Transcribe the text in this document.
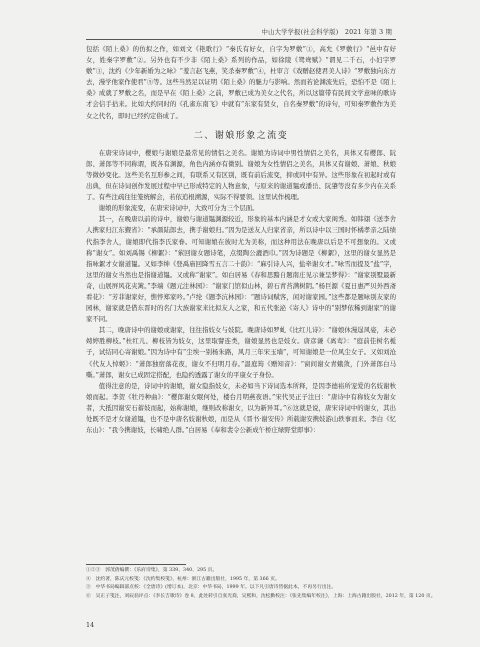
中山大学学报(社会科学版)　2021 年第 3 期

包括《陌上桑》的仿拟之作，如刘文《艳歌行》“秦氏有好女，自字为罗敷”①，高允《罗敷行》“邑中有好女，姓秦字罗敷”②。另外也有不少非《陌上桑》系列的作品，如徐陵《鸳鸯赋》“谓见二千石，小妇字罗敷”③，沈约《少年新婚为之咏》“羞言赵飞燕，笑杀秦罗敷”④，杜审言《戏赠赵使君美人诗》“罗敷独向东方去，漫学他家作使君”⑤等。这些当然足以证明《陌上桑》的魅力与影响。然而若论渊流先后，恐怕不是《陌上桑》成就了罗敷之名，而是早在《陌上桑》之前，罗敷已成为美女之代名，所以这篇带有民间文学意味的歌诗才会信手拈来。比如大约同时的《孔雀东南飞》中就有“东家有贤女，自名秦罗敷”的诗句，可知秦罗敷作为美女之代名，即时已经约定俗成了。

二、谢娘形象之流变

在唐宋诗词中，樱娘与谢娘是最常见的情侣之美名。谢娘为诗词中男性情侣之美名，具体又有樱郎、阮郎、萧郎等不同称谓，既各有渊源，角色内涵亦有微别。谢娘为女性情侣之美名，具体又有谢娘、萧娘、秋娘等微妙变化。这些美名互形参之间，有联系又有区别，既有前后流变，抑或同中有异。这些形象在初起时或有出典，但在诗词创作发展过程中早已形成特定的人物意象，与原来的谢道韫或潘岳、阮肇等没有多少内在关系了。有些注疏往往笼统解会，若依追根溯源，实际不得要领。这里试作梳理。

谢娘的形象流变，在唐宋诗词中，大致可分为三个层面。

其一，在晚唐以前的诗中，谢娘与谢道韫渊源较近，形象的基本内涵是才女或大家闺秀。如韩翃《送李舍人携家归江东觐省》：“承颜陆郎去，携手谢娘归。”因为是送友人归家省亲，所以诗中以三国时怀橘孝亲之陆绩代指李舍人，谢娘即代指李氏家眷。可知谢娘在彼时尤为美称，而这种用法在晚唐以后是不可想象的。又或称“谢女”。如刘禹锡《柳絮》：“萦回谢女题诗笔，点缀陶公漉酒巾。”因为诗题是《柳絮》，这里的谢女显然是指咏絮才女谢道韫。又如李绅《登禹庙回降雪五言二十韵》：“麻引诗人兴，盐牵谢女才。”咏雪而提及“盐”字，这里的谢女当然也是指谢道韫。又或称“谢家”。如白居易《春和思黯自题南庄见示兼呈梦得》：“谢家别墅最新奇，山展屏风花夹篱。”李端《题元注林园》：“谢家门馆似山林，碧石青苔满树阴。”杨巨源《夏日惠严贝外西斋看花》：“芳菲谢家好，憔悴郑家吟。”卢纶《题李沆林园》：“题诗词赋客，闲对谢家园。”这些都是题咏别友家的园林，谢家就是借东晋时的名门大族谢家来比拟友人之家，和五代张泌《寄人》诗中的“别梦依稀到谢家”的谢家不同。

其二，晚唐诗中的谢娘或谢家，往往指妓女与妓院。晚唐诗如罗虬《比红儿诗》：“谢娘休漫逞风姿，未必娉婷胜柳枝。”杜红儿、柳枝皆为妓女，这里取譬连类，谢娘显然也是妓女。唐彦谦《离鸾》：“庭前佳树名栀子，试结同心寄谢娘。”因为诗中有“尘埃一别杨朱路，风月三年宋玉墙”，可知谢娘是一位风尘女子。又如刘沧《代友人悼姬》：“萧郎独宿落花夜，谢女不归明月春。”温庭筠《赠知音》：“窗间谢女青蛾敛，门外萧郎白马嘶。”萧郎，谢女已成固定搭配，也隐约透露了谢女的平康女子身份。

值得注意的是，诗词中的谢娘，谢女隐指妓女，未必如当下诗词选本所释，是因李德裕所宠爱的名妓谢秋娘而起。李贺《牡丹种曲》：“樱郎谢女眠何处，楼台月明燕夜语。”宋代吴正子注曰：“唐诗中有称妓女为谢女者，大抵因谢安石蓄妓而起，始称谢娘，继则改称谢女，以为新异耳。”⑥这就是说，唐宋诗词中的谢女，其出处既不是才女谢道韫，也不是中唐名妓谢秋娘，而是从《晋书·谢安传》所载谢安携妓游山轶事而来。李白《忆东山》：“我今携谢妓，长啸绝人群。”白居易《奉和裴令公新成午桥庄绿野堂即事》：

①②③　郭茂倩编撰：《乐府诗集》，第 339、340、295 页。
④　沈约著，陈庆元校笺：《沈约集校笺》，杭州：浙江古籍出版社，1995 年，第 366 页。
⑤　中华书局编辑部点校：《全唐诗》(增订本)，北京：中华书局，1999 年。以下凡引唐诗皆据此本，不再另行出注。
⑥　吴正子笺注，刘辰翁评点：《李长吉歌诗》卷 8，此处转引自张光裔，吴熙和，沈松勤校注：《张先集编年校注》，上海：上海古籍出版社，2012 年，第 120 页。
14
